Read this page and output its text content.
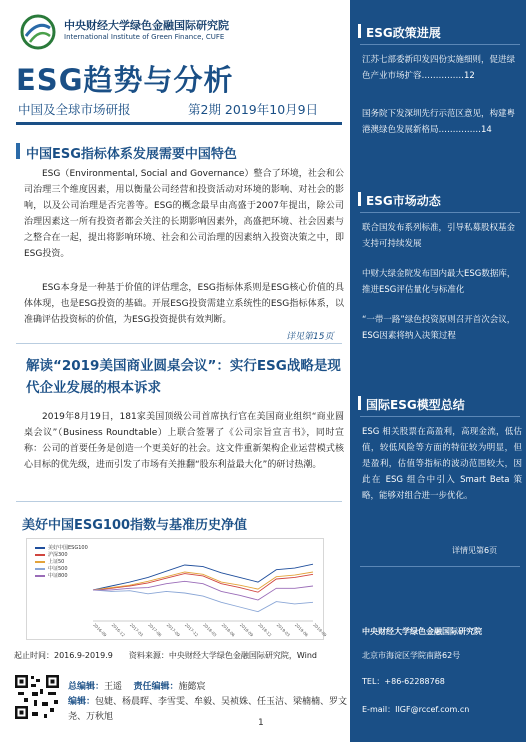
中央财经大学绿色金融国际研究院
International Institute of Green Finance, CUFE
ESG趋势与分析
中国及全球市场研报	第2期 2019年10月9日
中国ESG指标体系发展需要中国特色
ESG（Environmental, Social and Governance）整合了环境，社会和公司治理三个维度因素，用以衡量公司经营和投资活动对环境的影响、对社会的影响，以及公司治理是否完善等。ESG的概念最早由高盛于2007年提出，除公司治理因素这一所有投资者都会关注的长期影响因素外，高盛把环境、社会因素与之整合在一起，提出将影响环境、社会和公司治理的因素纳入投资决策之中，即ESG投资。
ESG本身是一种基于价值的评估理念，ESG指标体系则是ESG核心价值的具体体现，也是ESG投资的基础。开展ESG投资需建立系统性的ESG指标体系，以准确评估投资标的价值，为ESG投资提供有效判断。
详见第15页
解读“2019美国商业圆桌会议”：实行ESG战略是现代企业发展的根本诉求
2019年8月19日，181家美国顶级公司首席执行官在美国商业组织“商业圆桌会议”（Business Roundtable）上联合签署了《公司宗旨宣言书》，同时宣称：公司的首要任务是创造一个更美好的社会。这文件重新架构企业运营模式核心目标的优先级，进而引发了市场有关推翻“股东利益最大化”的研讨热潮。
美好中国ESG100指数与基准历史净值
2016-09 2016-12 2017-03 2017-06 2017-09 2017-12 2018-03 2018-06 2018-09 2018-12 2019-03 2019-06 2019-09
美好中国ESG100
沪深300
上证50
中证500
中证800
起止时间：2016.9-2019.9　　资料来源：中央财经大学绿色金融国际研究院，Wind
总编辑：王遥 责任编辑：施懿宸
编辑：包婕、杨晨晖、李雪雯、牟毅、吴祯姝、任玉洁、梁楠楠、罗文尧、万秋旭
1
ESG政策进展
江苏七部委新印发四份实施细则，促进绿色产业市场扩容……………12
国务院下发深圳先行示范区意见，构建粤港澳绿色发展新格局……………14
ESG市场动态
联合国发布系列标准，引导私募股权基金支持可持续发展
中财大绿金院发布国内最大ESG数据库，推进ESG评估量化与标准化
“一带一路”绿色投资原则召开首次会议，ESG因素将纳入决策过程
国际ESG模型总结
ESG 相关股票在高盈利，高现金流，低估值，较低风险等方面的特征较为明显，但是盈利，估值等指标的波动范围较大，因此在 ESG 组合中引入 Smart Beta 策略，能够对组合进一步优化。
详情见第6页
中央财经大学绿色金融国际研究院
北京市海淀区学院南路62号
TEL：+86-62288768
E-mail：IIGF@rccef.com.cn
